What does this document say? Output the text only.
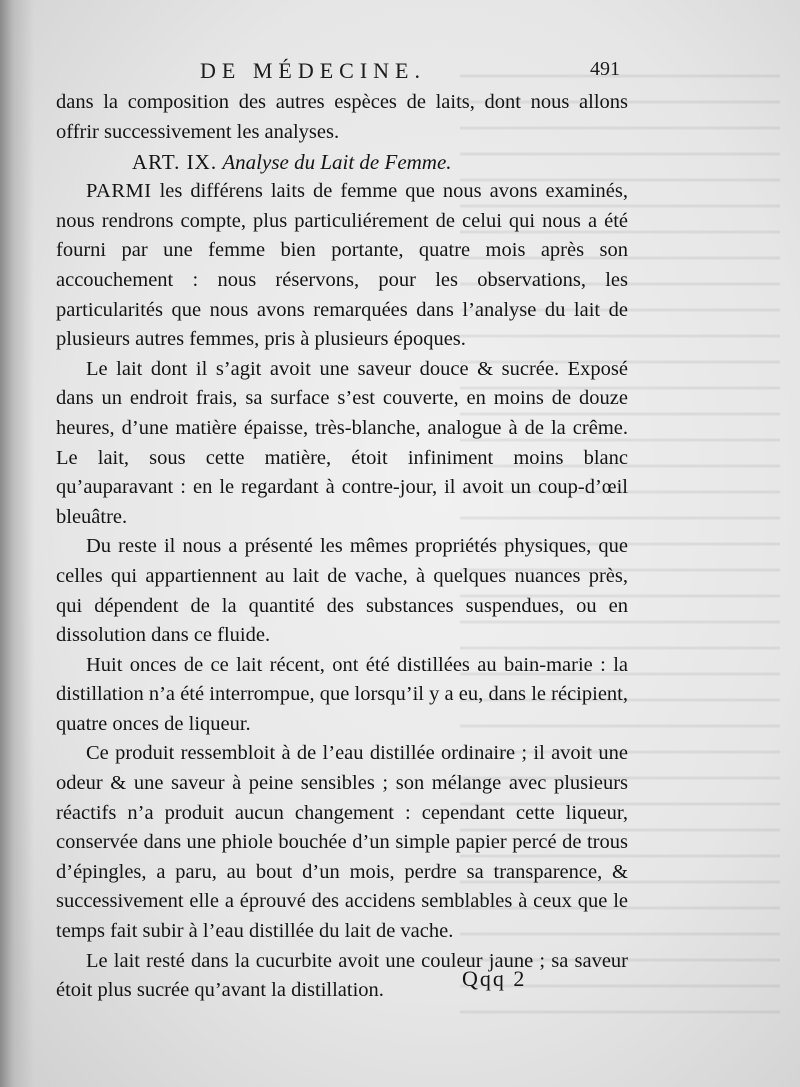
DE MÉDECINE.	491

dans la composition des autres espèces de laits, dont nous allons offrir successivement les analyses.

ART. IX. Analyse du Lait de Femme.

PARMI les différens laits de femme que nous avons examinés, nous rendrons compte, plus particuliérement de celui qui nous a été fourni par une femme bien portante, quatre mois après son accouchement : nous réservons, pour les observations, les particularités que nous avons remarquées dans l’analyse du lait de plusieurs autres femmes, pris à plusieurs époques.

Le lait dont il s’agit avoit une saveur douce & sucrée. Exposé dans un endroit frais, sa surface s’est couverte, en moins de douze heures, d’une matière épaisse, très-blanche, analogue à de la crême. Le lait, sous cette matière, étoit infiniment moins blanc qu’auparavant : en le regardant à contre-jour, il avoit un coup-d’œil bleuâtre.

Du reste il nous a présenté les mêmes propriétés physiques, que celles qui appartiennent au lait de vache, à quelques nuances près, qui dépendent de la quantité des substances suspendues, ou en dissolution dans ce fluide.

Huit onces de ce lait récent, ont été distillées au bain-marie : la distillation n’a été interrompue, que lorsqu’il y a eu, dans le récipient, quatre onces de liqueur.

Ce produit ressembloit à de l’eau distillée ordinaire ; il avoit une odeur & une saveur à peine sensibles ; son mélange avec plusieurs réactifs n’a produit aucun changement : cependant cette liqueur, conservée dans une phiole bouchée d’un simple papier percé de trous d’épingles, a paru, au bout d’un mois, perdre sa transparence, & successivement elle a éprouvé des accidens semblables à ceux que le temps fait subir à l’eau distillée du lait de vache.

Le lait resté dans la cucurbite avoit une couleur jaune ; sa saveur étoit plus sucrée qu’avant la distillation.	Qqq 2
